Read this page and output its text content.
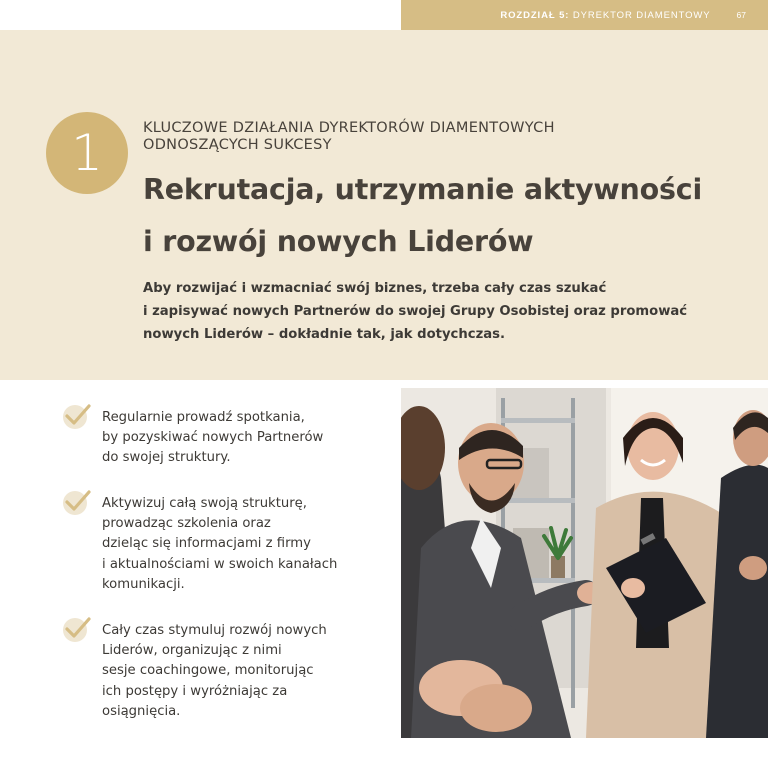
ROZDZIAŁ 5:
DYREKTOR DIAMENTOWY	67
1	KLUCZOWE DZIAŁANIA DYREKTORÓW DIAMENTOWYCH
ODNOSZĄCYCH SUKCESY
Rekrutacja, utrzymanie aktywności
i rozwój nowych Liderów
Aby rozwijać i wzmacniać swój biznes, trzeba cały czas szukać
i zapisywać nowych Partnerów do swojej Grupy Osobistej oraz promować
nowych Liderów – dokładnie tak, jak dotychczas.
Regularnie prowadź spotkania,
by pozyskiwać nowych Partnerów
do swojej struktury.
Aktywizuj całą swoją strukturę,
prowadząc szkolenia oraz
dzieląc się informacjami z firmy
i aktualnościami w swoich kanałach
komunikacji.
Cały czas stymuluj rozwój nowych
Liderów, organizując z nimi
sesje coachingowe, monitorując
ich postępy i wyróżniając za
osiągnięcia.
